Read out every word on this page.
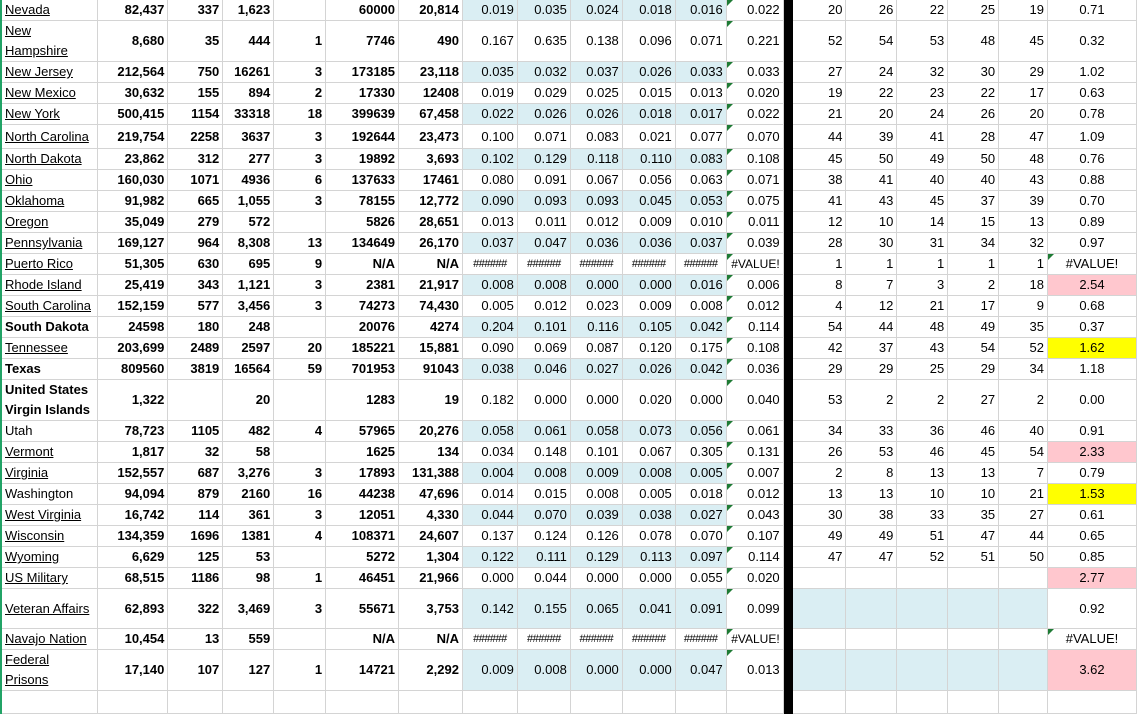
Nevada	82,437	337	1,623		60000	20,814	0.019	0.035	0.024	0.018	0.016	0.022		20	26	22	25	19	0.71
New Hampshire	8,680	35	444	1	7746	490	0.167	0.635	0.138	0.096	0.071	0.221		52	54	53	48	45	0.32
New Jersey	212,564	750	16261	3	173185	23,118	0.035	0.032	0.037	0.026	0.033	0.033		27	24	32	30	29	1.02
New Mexico	30,632	155	894	2	17330	12408	0.019	0.029	0.025	0.015	0.013	0.020		19	22	23	22	17	0.63
New York	500,415	1154	33318	18	399639	67,458	0.022	0.026	0.026	0.018	0.017	0.022		21	20	24	26	20	0.78
North Carolina	219,754	2258	3637	3	192644	23,473	0.100	0.071	0.083	0.021	0.077	0.070		44	39	41	28	47	1.09
North Dakota	23,862	312	277	3	19892	3,693	0.102	0.129	0.118	0.110	0.083	0.108		45	50	49	50	48	0.76
Ohio	160,030	1071	4936	6	137633	17461	0.080	0.091	0.067	0.056	0.063	0.071		38	41	40	40	43	0.88
Oklahoma	91,982	665	1,055	3	78155	12,772	0.090	0.093	0.093	0.045	0.053	0.075		41	43	45	37	39	0.70
Oregon	35,049	279	572		5826	28,651	0.013	0.011	0.012	0.009	0.010	0.011		12	10	14	15	13	0.89
Pennsylvania	169,127	964	8,308	13	134649	26,170	0.037	0.047	0.036	0.036	0.037	0.039		28	30	31	34	32	0.97
Puerto Rico	51,305	630	695	9	N/A	N/A	######	######	######	######	######	#VALUE!		1	1	1	1	1	#VALUE!

Rhode Island	25,419	343	1,121	3	2381	21,917	0.008	0.008	0.000	0.000	0.016	0.006		8	7	3	2	18	2.54
South Carolina	152,159	577	3,456	3	74273	74,430	0.005	0.012	0.023	0.009	0.008	0.012		4	12	21	17	9	0.68
South Dakota	24598	180	248		20076	4274	0.204	0.101	0.116	0.105	0.042	0.114		54	44	48	49	35	0.37
Tennessee	203,699	2489	2597	20	185221	15,881	0.090	0.069	0.087	0.120	0.175	0.108		42	37	43	54	52	1.62
Texas	809560	3819	16564	59	701953	91043	0.038	0.046	0.027	0.026	0.042	0.036		29	29	25	29	34	1.18
United States Virgin Islands	1,322		20		1283	19	0.182	0.000	0.000	0.020	0.000	0.040		53	2	2	27	2	0.00
Utah	78,723	1105	482	4	57965	20,276	0.058	0.061	0.058	0.073	0.056	0.061		34	33	36	46	40	0.91
Vermont	1,817	32	58		1625	134	0.034	0.148	0.101	0.067	0.305	0.131		26	53	46	45	54	2.33
Virginia	152,557	687	3,276	3	17893	131,388	0.004	0.008	0.009	0.008	0.005	0.007		2	8	13	13	7	0.79
Washington	94,094	879	2160	16	44238	47,696	0.014	0.015	0.008	0.005	0.018	0.012		13	13	10	10	21	1.53
West Virginia	16,742	114	361	3	12051	4,330	0.044	0.070	0.039	0.038	0.027	0.043		30	38	33	35	27	0.61
Wisconsin	134,359	1696	1381	4	108371	24,607	0.137	0.124	0.126	0.078	0.070	0.107		49	49	51	47	44	0.65
Wyoming	6,629	125	53		5272	1,304	0.122	0.111	0.129	0.113	0.097	0.114		47	47	52	51	50	0.85
US Military	68,515	1186	98	1	46451	21,966	0.000	0.044	0.000	0.000	0.055	0.020							2.77
Veteran Affairs	62,893	322	3,469	3	55671	3,753	0.142	0.155	0.065	0.041	0.091	0.099							0.92
Navajo Nation	10,454	13	559		N/A	N/A	######	######	######	######	######	#VALUE!							#VALUE!

Federal Prisons	17,140	107	127	1	14721	2,292	0.009	0.008	0.000	0.000	0.047	0.013							3.62
